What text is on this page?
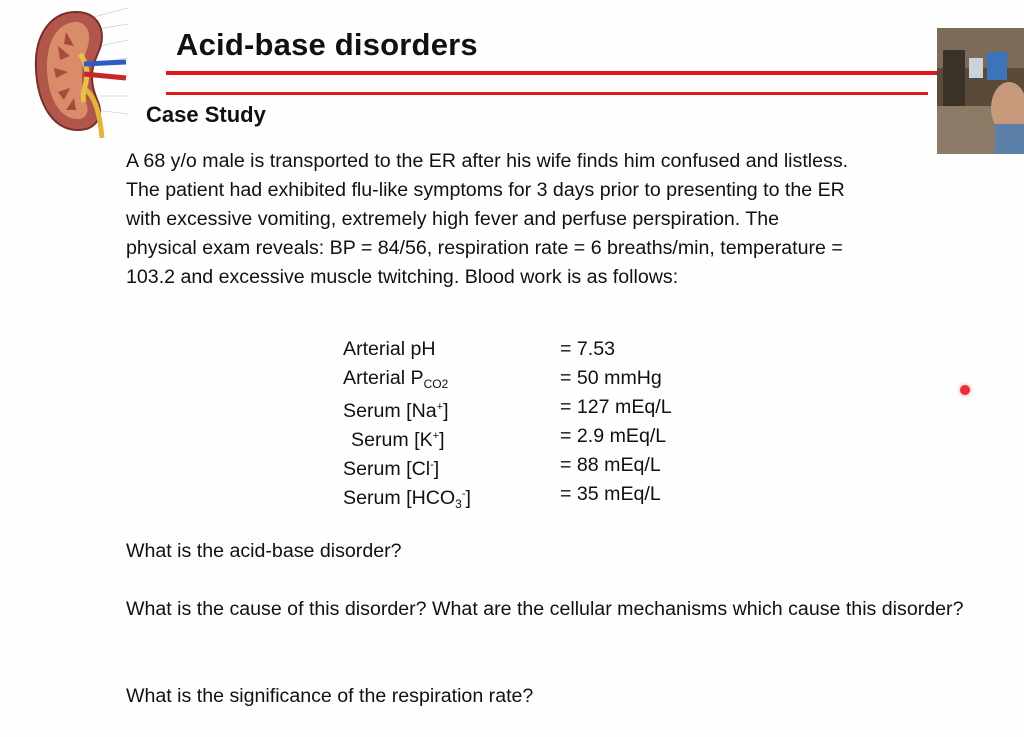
Acid-base disorders
Case Study
A 68 y/o male is transported to the ER after his wife finds him confused and listless.
The patient had exhibited flu-like symptoms for 3 days prior to presenting to the ER
with excessive vomiting, extremely high fever and perfuse perspiration. The
physical exam reveals: BP = 84/56, respiration rate = 6 breaths/min, temperature =
103.2 and excessive muscle twitching. Blood work is as follows:
Arterial pH	= 7.53
Arterial $P_{CO2}$	= 50 mmHg
Serum [Na+]	= 127 mEq/L
Serum [K+]	= 2.9 mEq/L
Serum [Cl-]	= 88 mEq/L
Serum $[HCO_3^-]$	= 35 mEq/L
What is the acid-base disorder?
What is the cause of this disorder? What are the cellular mechanisms which cause this disorder?
What is the significance of the respiration rate?
